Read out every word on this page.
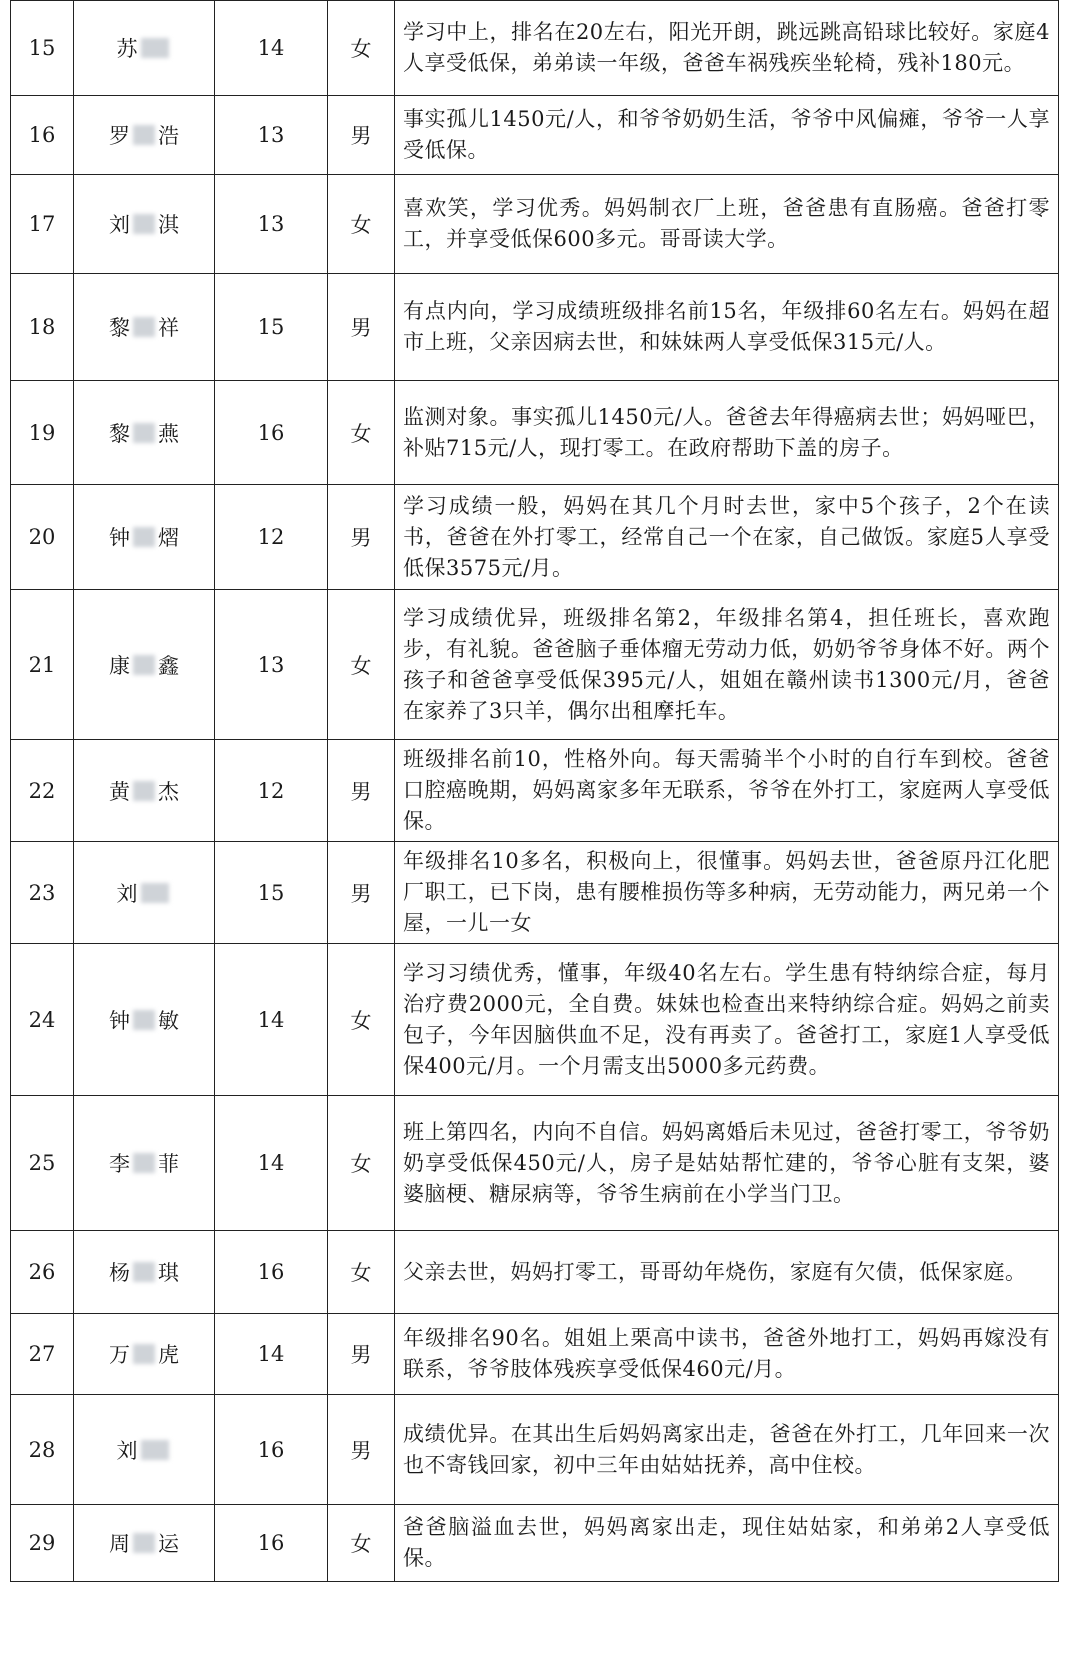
15	苏	14	女	学习中上，排名在20左右，阳光开朗，跳远跳高铅球比较好。家庭4人享受低保，弟弟读一年级，爸爸车祸残疾坐轮椅，残补180元。
16	罗 浩	13	男	事实孤儿1450元/人，和爷爷奶奶生活，爷爷中风偏瘫，爷爷一人享受低保。
17	刘 淇	13	女	喜欢笑，学习优秀。妈妈制衣厂上班，爸爸患有直肠癌。爸爸打零工，并享受低保600多元。哥哥读大学。
18	黎 祥	15	男	有点内向，学习成绩班级排名前15名，年级排60名左右。妈妈在超市上班，父亲因病去世，和妹妹两人享受低保315元/人。
19	黎 燕	16	女	监测对象。事实孤儿1450元/人。爸爸去年得癌病去世；妈妈哑巴，补贴715元/人，现打零工。在政府帮助下盖的房子。
20	钟 熠	12	男	学习成绩一般，妈妈在其几个月时去世，家中5个孩子，2个在读书，爸爸在外打零工，经常自己一个在家，自己做饭。家庭5人享受低保3575元/月。
21	康 鑫	13	女	学习成绩优异，班级排名第2，年级排名第4，担任班长，喜欢跑步，有礼貌。爸爸脑子垂体瘤无劳动力低，奶奶爷爷身体不好。两个孩子和爸爸享受低保395元/人，姐姐在赣州读书1300元/月，爸爸在家养了3只羊，偶尔出租摩托车。
22	黄 杰	12	男	班级排名前10，性格外向。每天需骑半个小时的自行车到校。爸爸口腔癌晚期，妈妈离家多年无联系，爷爷在外打工，家庭两人享受低保。
23	刘	15	男	年级排名10多名，积极向上，很懂事。妈妈去世，爸爸原丹江化肥厂职工，已下岗，患有腰椎损伤等多种病，无劳动能力，两兄弟一个屋，一儿一女
24	钟 敏	14	女	学习习绩优秀，懂事，年级40名左右。学生患有特纳综合症，每月治疗费2000元，全自费。妹妹也检查出来特纳综合症。妈妈之前卖包子，今年因脑供血不足，没有再卖了。爸爸打工，家庭1人享受低保400元/月。一个月需支出5000多元药费。
25	李 菲	14	女	班上第四名，内向不自信。妈妈离婚后未见过，爸爸打零工，爷爷奶奶享受低保450元/人，房子是姑姑帮忙建的，爷爷心脏有支架，婆婆脑梗、糖尿病等，爷爷生病前在小学当门卫。
26	杨 琪	16	女	父亲去世，妈妈打零工，哥哥幼年烧伤，家庭有欠债，低保家庭。
27	万 虎	14	男	年级排名90名。姐姐上栗高中读书，爸爸外地打工，妈妈再嫁没有联系，爷爷肢体残疾享受低保460元/月。
28	刘	16	男	成绩优异。在其出生后妈妈离家出走，爸爸在外打工，几年回来一次也不寄钱回家，初中三年由姑姑抚养，高中住校。
29	周 运	16	女	爸爸脑溢血去世，妈妈离家出走，现住姑姑家，和弟弟2人享受低保。
